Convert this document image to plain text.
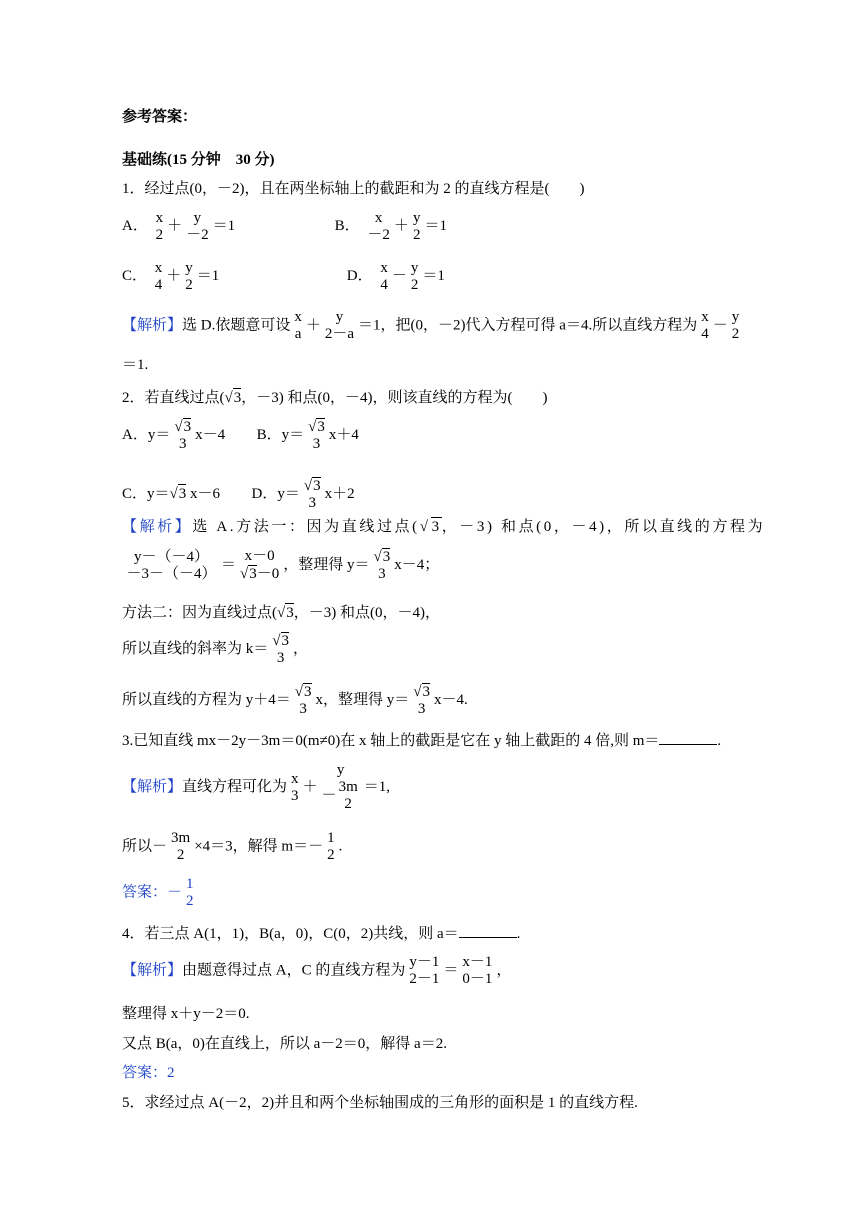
参考答案：
基础练(15 分钟　30 分)
1．经过点(0，－2)，且在两坐标轴上的截距和为 2 的直线方程是(　　)
A．
x
2
＋
y
－2
＝1	B．
x
－2
＋
y
2
＝1
C．
x
4
＋
y
2
＝1	D．
x
4
－
y
2
＝1
【解析】选 D.依题意可设
x
a
＋
y
2－a
＝1，把(0，－2)代入方程可得 a＝4.所以直线方程为
x
4
－
y
2
＝1.
2．若直线过点(√3，－3) 和点(0，－4)，则该直线的方程为(　　)
A．y＝ √3
3
x－4 B．y＝ √3
3
x＋4
C．y＝√3 x－6 D．y＝ √3
3
x＋2
【解析】选 A.方法一：因为直线过点(√3，－3) 和点(0，－4)，所以直线的方程为
y－（－4）
－3－（－4）
＝
x－0
√3－0
，整理得 y＝ √3
3
x－4；
方法二：因为直线过点(√3，－3) 和点(0，－4)，
所以直线的斜率为 k＝ √3
3
，
所以直线的方程为 y＋4＝ √3
3
x，整理得 y＝ √3
3
x－4.
3.已知直线 mx－2y－3m＝0(m≠0)在 x 轴上的截距是它在 y 轴上截距的 4 倍,则 m＝	.
【解析】直线方程可化为
x
3
＋
y
－
3m
2
＝1,
所以－
3m
2
×4＝3，解得 m＝－
1
2
.
答案：－
1
2
4．若三点 A(1，1)，B(a，0)，C(0，2)共线，则 a＝	.
【解析】由题意得过点 A，C 的直线方程为
y－1
2－1
＝
x－1
0－1
，
整理得 x＋y－2＝0.
又点 B(a，0)在直线上，所以 a－2＝0，解得 a＝2.
答案：2
5．求经过点 A(－2，2)并且和两个坐标轴围成的三角形的面积是 1 的直线方程.
